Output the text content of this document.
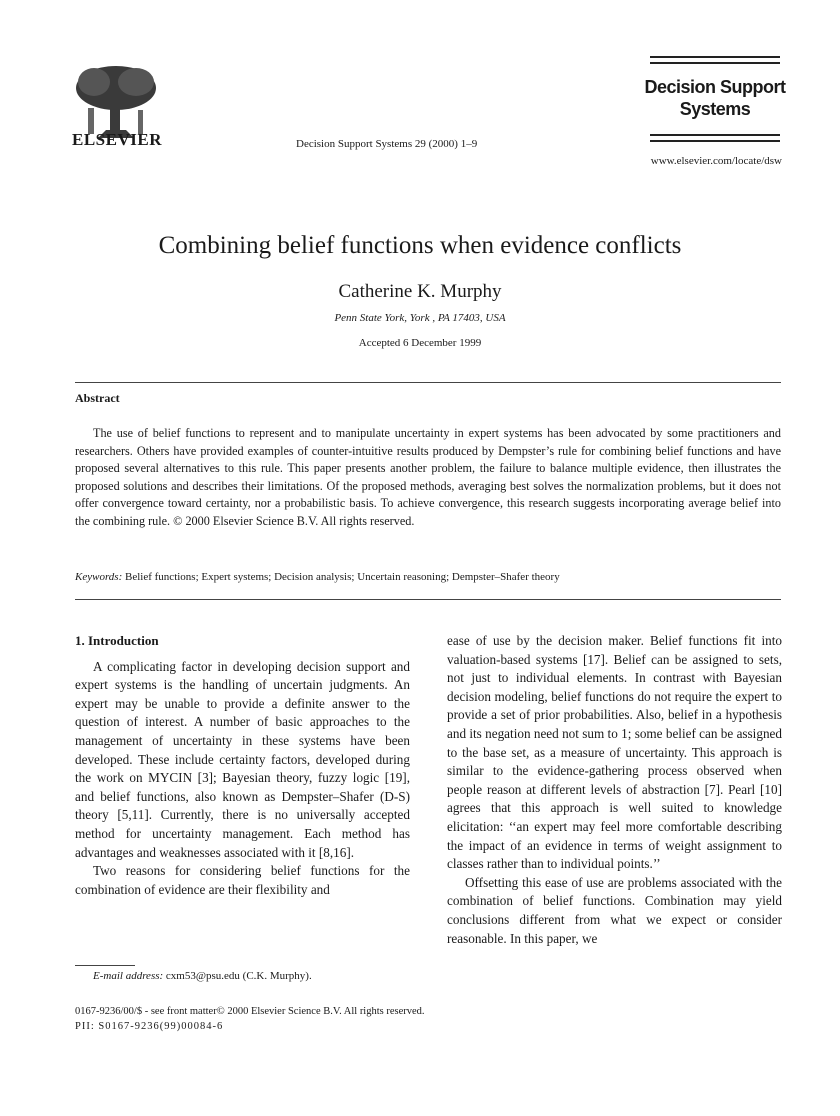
ELSEVIER	Decision Support Systems 29 (2000) 1–9
Decision Support
Systems
www.elsevier.com/locate/dsw
Combining belief functions when evidence conflicts
Catherine K. Murphy
Penn State York, York , PA 17403, USA
Accepted 6 December 1999
Abstract
The use of belief functions to represent and to manipulate uncertainty in expert systems has been advocated by some practitioners and researchers. Others have provided examples of counter-intuitive results produced by Dempster’s rule for combining belief functions and have proposed several alternatives to this rule. This paper presents another problem, the failure to balance multiple evidence, then illustrates the proposed solutions and describes their limitations. Of the proposed methods, averaging best solves the normalization problems, but it does not offer convergence toward certainty, nor a probabilistic basis. To achieve convergence, this research suggests incorporating average belief into the combining rule. © 2000 Elsevier Science B.V. All rights reserved.
Keywords: Belief functions; Expert systems; Decision analysis; Uncertain reasoning; Dempster–Shafer theory
1. Introduction

A complicating factor in developing decision support and expert systems is the handling of uncertain judgments. An expert may be unable to provide a definite answer to the question of interest. A number of basic approaches to the management of uncertainty in these systems have been developed. These include certainty factors, developed during the work on MYCIN [3]; Bayesian theory, fuzzy logic [19], and belief functions, also known as Dempster–Shafer (D-S) theory [5,11]. Currently, there is no universally accepted method for uncertainty management. Each method has advantages and weaknesses associated with it [8,16].

Two reasons for considering belief functions for the combination of evidence are their flexibility and

ease of use by the decision maker. Belief functions fit into valuation-based systems [17]. Belief can be assigned to sets, not just to individual elements. In contrast with Bayesian decision modeling, belief functions do not require the expert to provide a set of prior probabilities. Also, belief in a hypothesis and its negation need not sum to 1; some belief can be assigned to the base set, as a measure of uncertainty. This approach is similar to the evidence-gathering process observed when people reason at different levels of abstraction [7]. Pearl [10] agrees that this approach is well suited to knowledge elicitation: ‘‘an expert may feel more comfortable describing the impact of an evidence in terms of weight assignment to classes rather than to individual points.’’

Offsetting this ease of use are problems associated with the combination of belief functions. Combination may yield conclusions different from what we expect or consider reasonable. In this paper, we

E-mail address: cxm53@psu.edu (C.K. Murphy).
0167-9236/00/$ - see front matter© 2000 Elsevier Science B.V. All rights reserved.
PII: S0167-9236(99)00084-6
